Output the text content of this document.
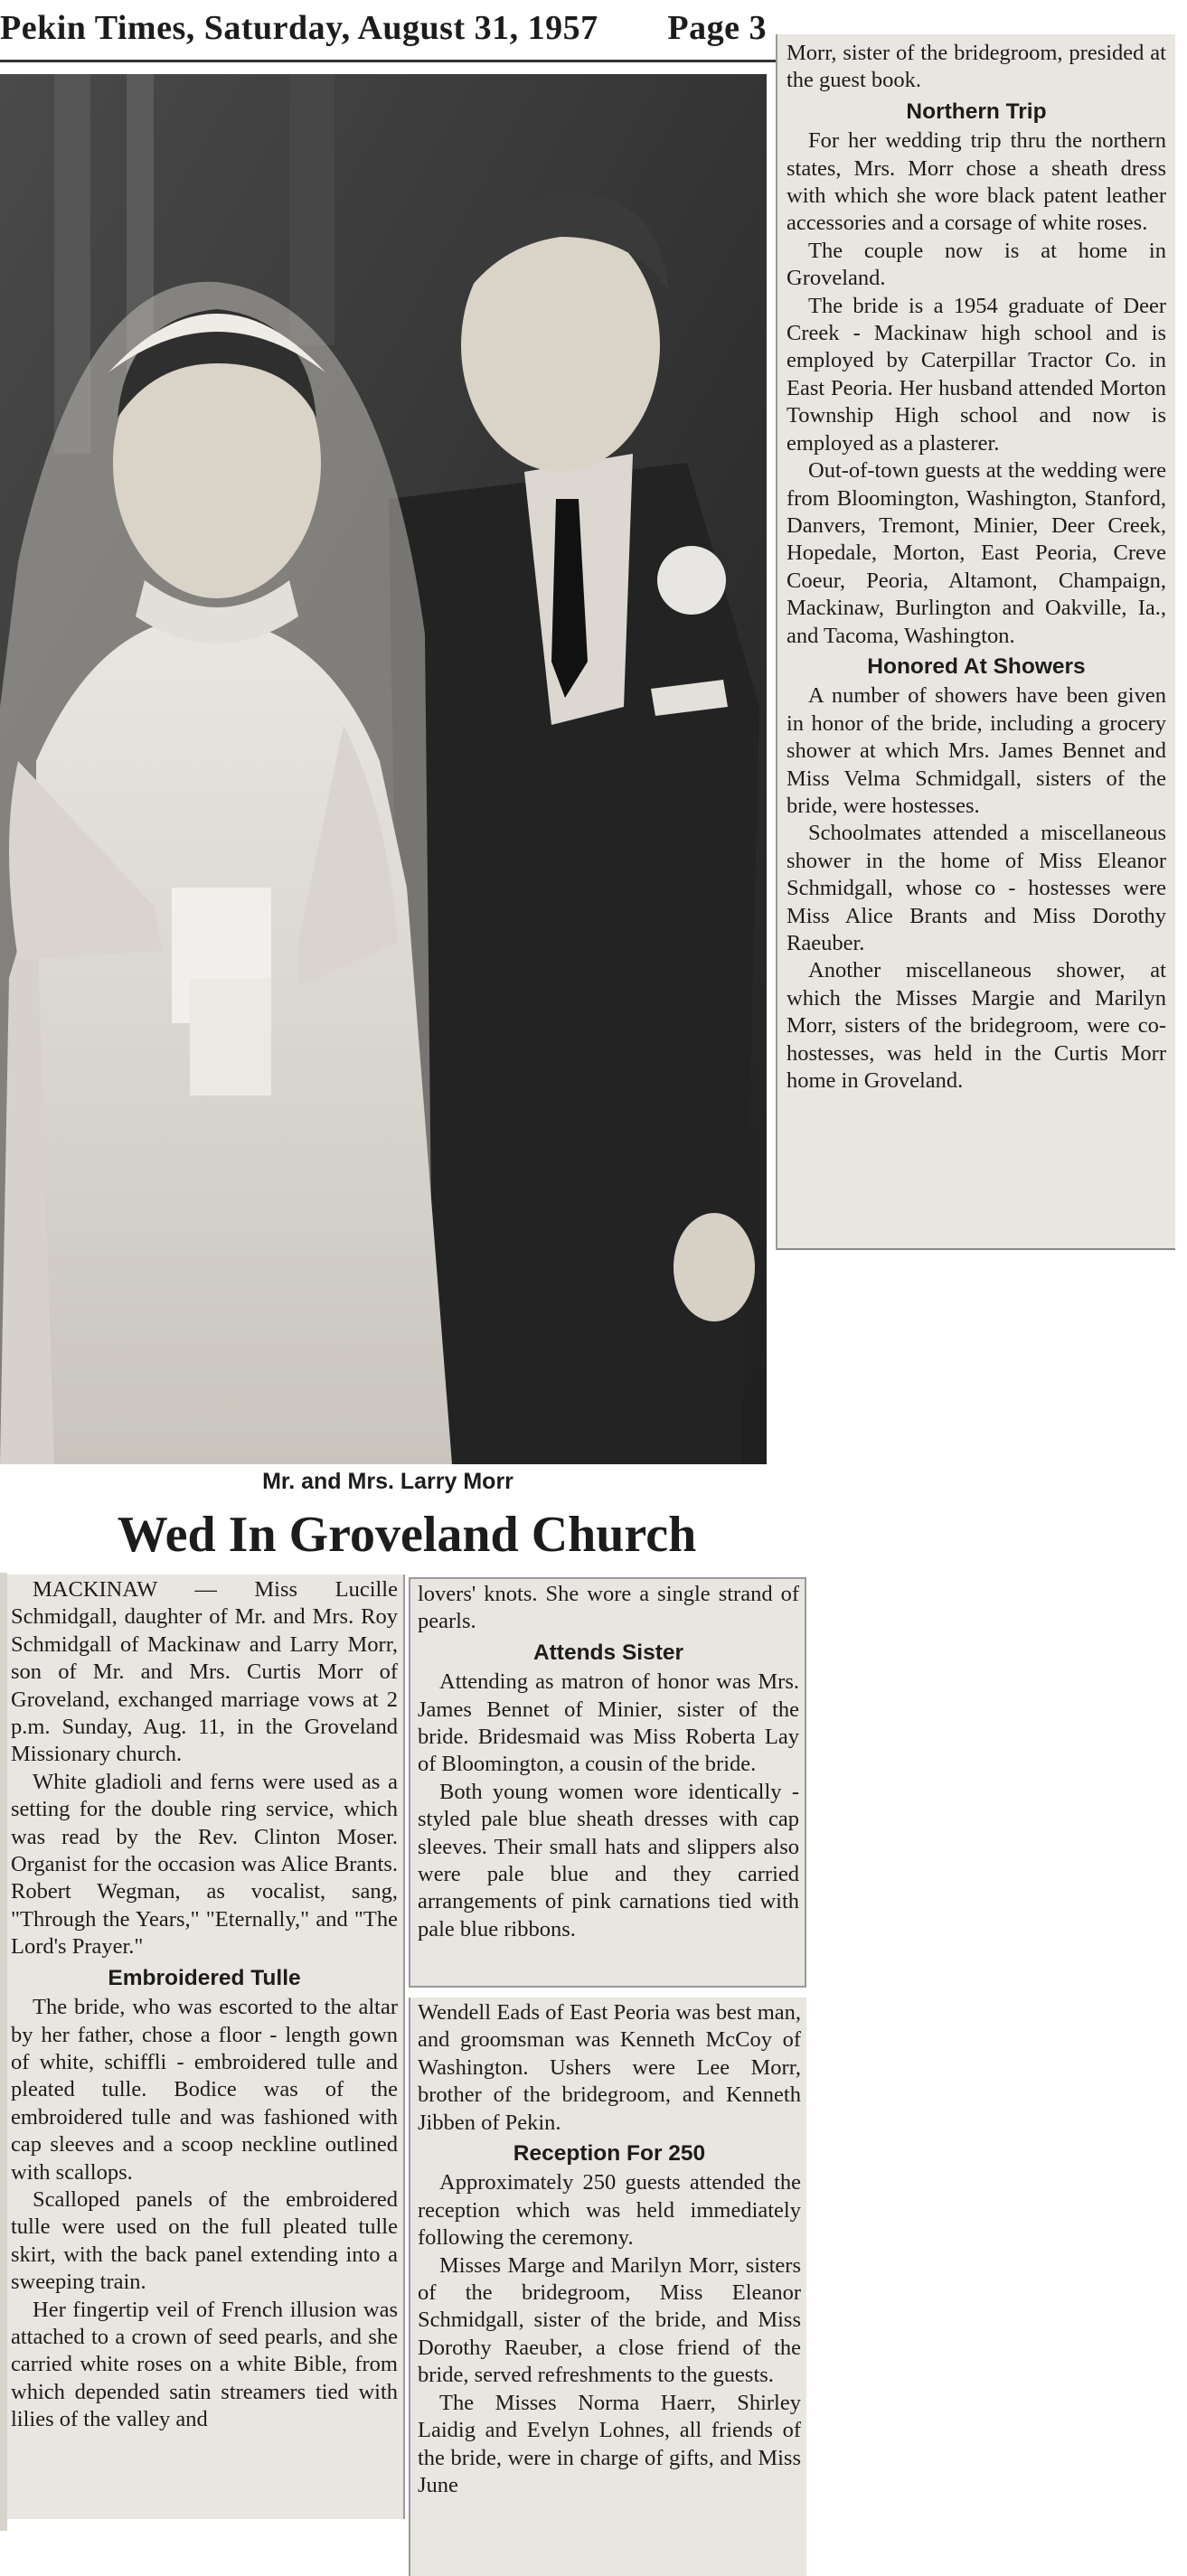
Pekin Times, Saturday, August 31, 1957 Page 3

Morr, sister of the bridegroom, presided at the guest book.

Northern Trip

For her wedding trip thru the northern states, Mrs. Morr chose a sheath dress with which she wore black patent leather accessories and a corsage of white roses.

The couple now is at home in Groveland.

The bride is a 1954 graduate of Deer Creek - Mackinaw high school and is employed by Caterpillar Tractor Co. in East Peoria. Her husband attended Morton Township High school and now is employed as a plasterer.

Out-of-town guests at the wedding were from Bloomington, Washington, Stanford, Danvers, Tremont, Minier, Deer Creek, Hopedale, Morton, East Peoria, Creve Coeur, Peoria, Altamont, Champaign, Mackinaw, Burlington and Oakville, Ia., and Tacoma, Washington.

Honored At Showers

A number of showers have been given in honor of the bride, including a grocery shower at which Mrs. James Bennet and Miss Velma Schmidgall, sisters of the bride, were hostesses.

Schoolmates attended a miscellaneous shower in the home of Miss Eleanor Schmidgall, whose co - hostesses were Miss Alice Brants and Miss Dorothy Raeuber.

Another miscellaneous shower, at which the Misses Margie and Marilyn Morr, sisters of the bridegroom, were co-hostesses, was held in the Curtis Morr home in Groveland.

Mr. and Mrs. Larry Morr
Wed In Groveland Church

MACKINAW — Miss Lucille Schmidgall, daughter of Mr. and Mrs. Roy Schmidgall of Mackinaw and Larry Morr, son of Mr. and Mrs. Curtis Morr of Groveland, exchanged marriage vows at 2 p.m. Sunday, Aug. 11, in the Groveland Missionary church.

White gladioli and ferns were used as a setting for the double ring service, which was read by the Rev. Clinton Moser. Organist for the occasion was Alice Brants. Robert Wegman, as vocalist, sang, "Through the Years," "Eternally," and "The Lord's Prayer."

Embroidered Tulle

The bride, who was escorted to the altar by her father, chose a floor - length gown of white, schiffli - embroidered tulle and pleated tulle. Bodice was of the embroidered tulle and was fashioned with cap sleeves and a scoop neckline outlined with scallops.

Scalloped panels of the embroidered tulle were used on the full pleated tulle skirt, with the back panel extending into a sweeping train.

Her fingertip veil of French illusion was attached to a crown of seed pearls, and she carried white roses on a white Bible, from which depended satin streamers tied with lilies of the valley and

lovers' knots. She wore a single strand of pearls.

Attends Sister

Attending as matron of honor was Mrs. James Bennet of Minier, sister of the bride. Bridesmaid was Miss Roberta Lay of Bloomington, a cousin of the bride.

Both young women wore identically - styled pale blue sheath dresses with cap sleeves. Their small hats and slippers also were pale blue and they carried arrangements of pink carnations tied with pale blue ribbons.

Wendell Eads of East Peoria was best man, and groomsman was Kenneth McCoy of Washington. Ushers were Lee Morr, brother of the bridegroom, and Kenneth Jibben of Pekin.

Reception For 250

Approximately 250 guests attended the reception which was held immediately following the ceremony.

Misses Marge and Marilyn Morr, sisters of the bridegroom, Miss Eleanor Schmidgall, sister of the bride, and Miss Dorothy Raeuber, a close friend of the bride, served refreshments to the guests.

The Misses Norma Haerr, Shirley Laidig and Evelyn Lohnes, all friends of the bride, were in charge of gifts, and Miss June
